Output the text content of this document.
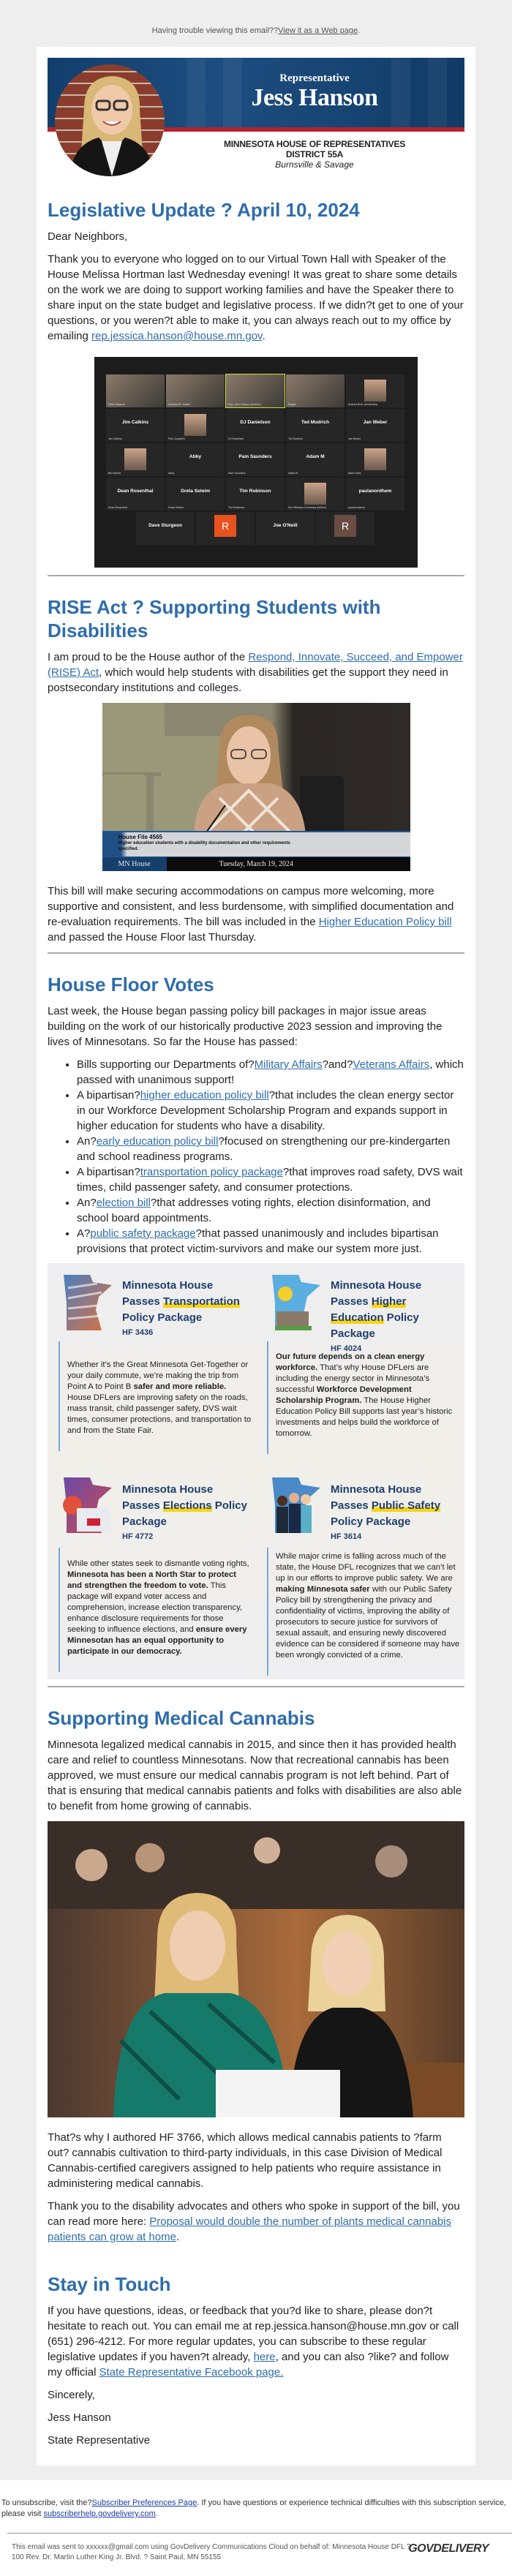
Having trouble viewing this email??View it as a Web page.
Representative
Jess Hanson
MINNESOTA HOUSE OF REPRESENTATIVES
DISTRICT 55A
Burnsville & Savage
Legislative Update ? April 10, 2024

Dear Neighbors,

Thank you to everyone who logged on to our Virtual Town Hall with Speaker of the House Melissa Hortman last Wednesday evening! It was great to share some details on the work we are doing to support working families and have the Speaker there to share input on the state budget and legislative process. If we didn?t get to one of your questions, or you weren?t able to make it, you can always reach out to my office by emailing rep.jessica.hanson@house.mn.gov.

Kathy Magnus	Scotland R. Kraker	Rep. Jess Hanson (she/her)	Megan	Andrew Brox (he/him/his)
Jim Calkins
Jim Calkins	Rob Coughlen
DJ Danielson
DJ Danielson
Ted Modrich
Ted Modrich
Jan Weber
Jan Weber
Bill Kramer
Abby
Abby
Pam Saunders
Pam Saunders
Adam M
Adam M	Mark Dube
Dean Rosenthal
Dean Rosenthal
Greta Soleim
Greta Soleim
Tim Robinson
Tim Robinson	Don Rideaux-Crenshaw (he/him)
paulanordhem
paulanordhem
Dave Sturgeon	R	Joe O'Neill	R
RISE Act ? Supporting Students with Disabilities

I am proud to be the House author of the Respond, Innovate, Succeed, and Empower (RISE) Act, which would help students with disabilities get the support they need in postsecondary institutions and colleges.

House File 4565
Higher education students with a disability documentation and other requirements specified.
MN House	Tuesday, March 19, 2024

This bill will make securing accommodations on campus more welcoming, more supportive and consistent, and less burdensome, with simplified documentation and re-evaluation requirements. The bill was included in the Higher Education Policy bill and passed the House Floor last Thursday.

House Floor Votes

Last week, the House began passing policy bill packages in major issue areas building on the work of our historically productive 2023 session and improving the lives of Minnesotans. So far the House has passed:

• Bills supporting our Departments of?Military Affairs?and?Veterans Affairs, which passed with unanimous support!
• A bipartisan?higher education policy bill?that includes the clean energy sector in our Workforce Development Scholarship Program and expands support in higher education for students who have a disability.
• An?early education policy bill?focused on strengthening our pre-kindergarten and school readiness programs.
• A bipartisan?transportation policy package?that improves road safety, DVS wait times, child passenger safety, and consumer protections.
• An?election bill?that addresses voting rights, election disinformation, and school board appointments.
• A?public safety package?that passed unanimously and includes bipartisan provisions that protect victim-survivors and make our system more just.
Minnesota House Passes Transportation Policy Package
HF 3436
Whether it’s the Great Minnesota Get-Together or your daily commute, we’re making the trip from Point A to Point B safer and more reliable. House DFLers are improving safety on the roads, mass transit, child passenger safety, DVS wait times, consumer protections, and transportation to and from the State Fair.
Minnesota House Passes Higher Education Policy Package
HF 4024
Our future depends on a clean energy workforce. That’s why House DFLers are including the energy sector in Minnesota’s successful Workforce Development Scholarship Program. The House Higher Education Policy Bill supports last year’s historic investments and helps build the workforce of tomorrow.
Minnesota House Passes Elections Policy Package
HF 4772
While other states seek to dismantle voting rights, Minnesota has been a North Star to protect and strengthen the freedom to vote. This package will expand voter access and comprehension, increase election transparency, enhance disclosure requirements for those seeking to influence elections, and ensure every Minnesotan has an equal opportunity to participate in our democracy.
Minnesota House Passes Public Safety Policy Package
HF 3614
While major crime is falling across much of the state, the House DFL recognizes that we can’t let up in our efforts to improve public safety. We are making Minnesota safer with our Public Safety Policy bill by strengthening the privacy and confidentiality of victims, improving the ability of prosecutors to secure justice for survivors of sexual assault, and ensuring newly discovered evidence can be considered if someone may have been wrongly convicted of a crime.
Supporting Medical Cannabis

Minnesota legalized medical cannabis in 2015, and since then it has provided health care and relief to countless Minnesotans. Now that recreational cannabis has been approved, we must ensure our medical cannabis program is not left behind. Part of that is ensuring that medical cannabis patients and folks with disabilities are also able to benefit from home growing of cannabis.

That?s why I authored HF 3766, which allows medical cannabis patients to ?farm out? cannabis cultivation to third-party individuals, in this case Division of Medical Cannabis-certified caregivers assigned to help patients who require assistance in administering medical cannabis.

Thank you to the disability advocates and others who spoke in support of the bill, you can read more here: Proposal would double the number of plants medical cannabis patients can grow at home.

Stay in Touch

If you have questions, ideas, or feedback that you?d like to share, please don?t hesitate to reach out. You can email me at rep.jessica.hanson@house.mn.gov or call (651) 296-4212. For more regular updates, you can subscribe to these regular legislative updates if you haven?t already, here, and you can also ?like? and follow my official State Representative Facebook page.

Sincerely,

Jess Hanson

State Representative

To unsubscribe, visit the?Subscriber Preferences Page. If you have questions or experience technical difficulties with this subscription service, please visit subscriberhelp.govdelivery.com.
This email was sent to xxxxxx@gmail.com using GovDelivery Communications Cloud on behalf of: Minnesota House DFL ? 100 Rev. Dr. Martin Luther King Jr. Blvd. ? Saint Paul, MN 55155
GOVDELIVERY
